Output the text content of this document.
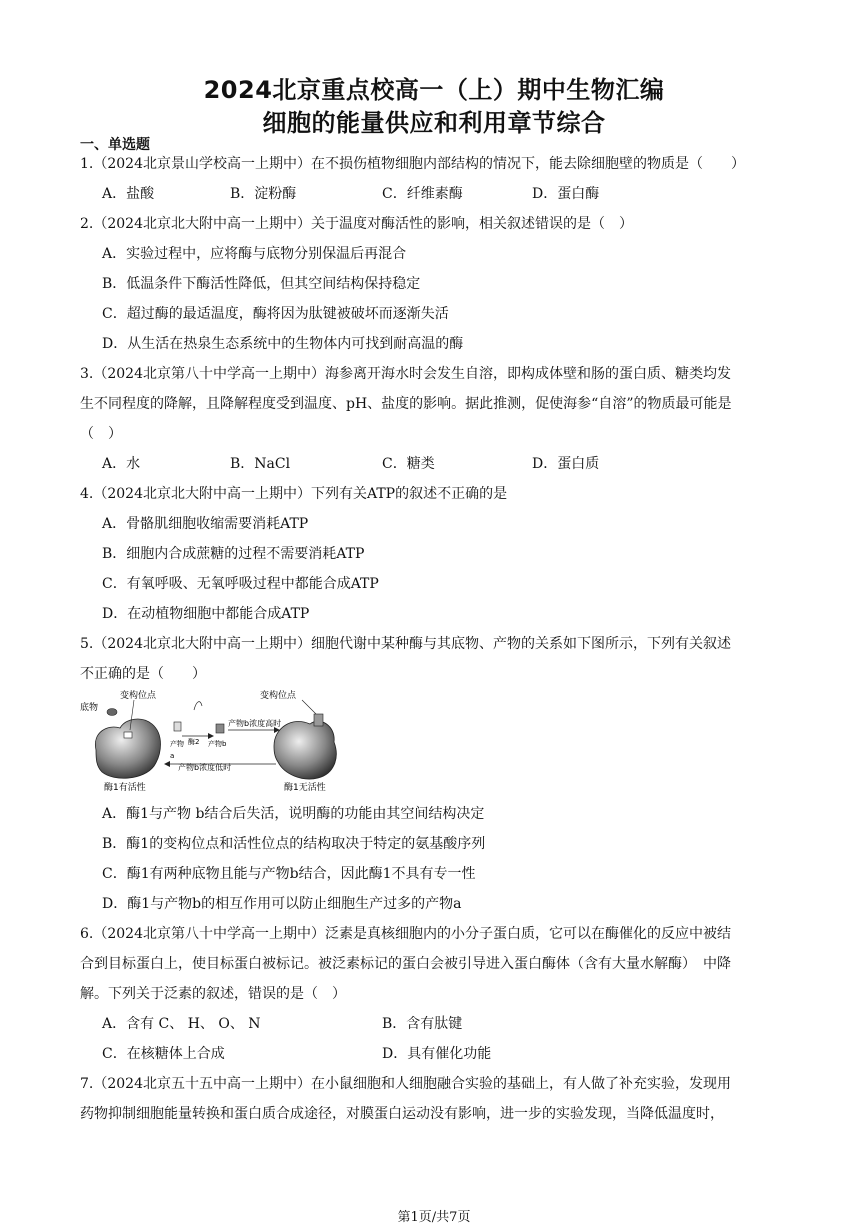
2024北京重点校高一（上）期中生物汇编
细胞的能量供应和利用章节综合
一、单选题
1.（2024北京景山学校高一上期中）在不损伤植物细胞内部结构的情况下，能去除细胞壁的物质是（　　）
A．盐酸	B．淀粉酶	C．纤维素酶	D．蛋白酶
2.（2024北京北大附中高一上期中）关于温度对酶活性的影响，相关叙述错误的是（　）
A．实验过程中，应将酶与底物分别保温后再混合
B．低温条件下酶活性降低，但其空间结构保持稳定
C．超过酶的最适温度，酶将因为肽键被破坏而逐渐失活
D．从生活在热泉生态系统中的生物体内可找到耐高温的酶
3.（2024北京第八十中学高一上期中）海参离开海水时会发生自溶，即构成体壁和肠的蛋白质、糖类均发
生不同程度的降解，且降解程度受到温度、pH、盐度的影响。据此推测，促使海参“自溶”的物质最可能是
（　）
A．水	B．NaCl	C．糖类	D．蛋白质
4.（2024北京北大附中高一上期中）下列有关ATP的叙述不正确的是
A．骨骼肌细胞收缩需要消耗ATP
B．细胞内合成蔗糖的过程不需要消耗ATP
C．有氧呼吸、无氧呼吸过程中都能合成ATP
D．在动植物细胞中都能合成ATP
5.（2024北京北大附中高一上期中）细胞代谢中某种酶与其底物、产物的关系如下图所示，下列有关叙述
不正确的是（　　）
底物
变构位点
酶1有活性
产物
a
酶2 产物b
产物b浓度高时
产物b浓度低时
变构位点
酶1无活性
A．酶1与产物 b结合后失活，说明酶的功能由其空间结构决定
B．酶1的变构位点和活性位点的结构取决于特定的氨基酸序列
C．酶1有两种底物且能与产物b结合，因此酶1不具有专一性
D．酶1与产物b的相互作用可以防止细胞生产过多的产物a
6.（2024北京第八十中学高一上期中）泛素是真核细胞内的小分子蛋白质，它可以在酶催化的反应中被结
合到目标蛋白上，使目标蛋白被标记。被泛素标记的蛋白会被引导进入蛋白酶体（含有大量水解酶）　中降
解。下列关于泛素的叙述，错误的是（　）
A．含有 C、 H、 O、 N	B．含有肽键
C．在核糖体上合成	D．具有催化功能
7.（2024北京五十五中高一上期中）在小鼠细胞和人细胞融合实验的基础上，有人做了补充实验，发现用
药物抑制细胞能量转换和蛋白质合成途径，对膜蛋白运动没有影响，进一步的实验发现，当降低温度时，
第1页/共7页
